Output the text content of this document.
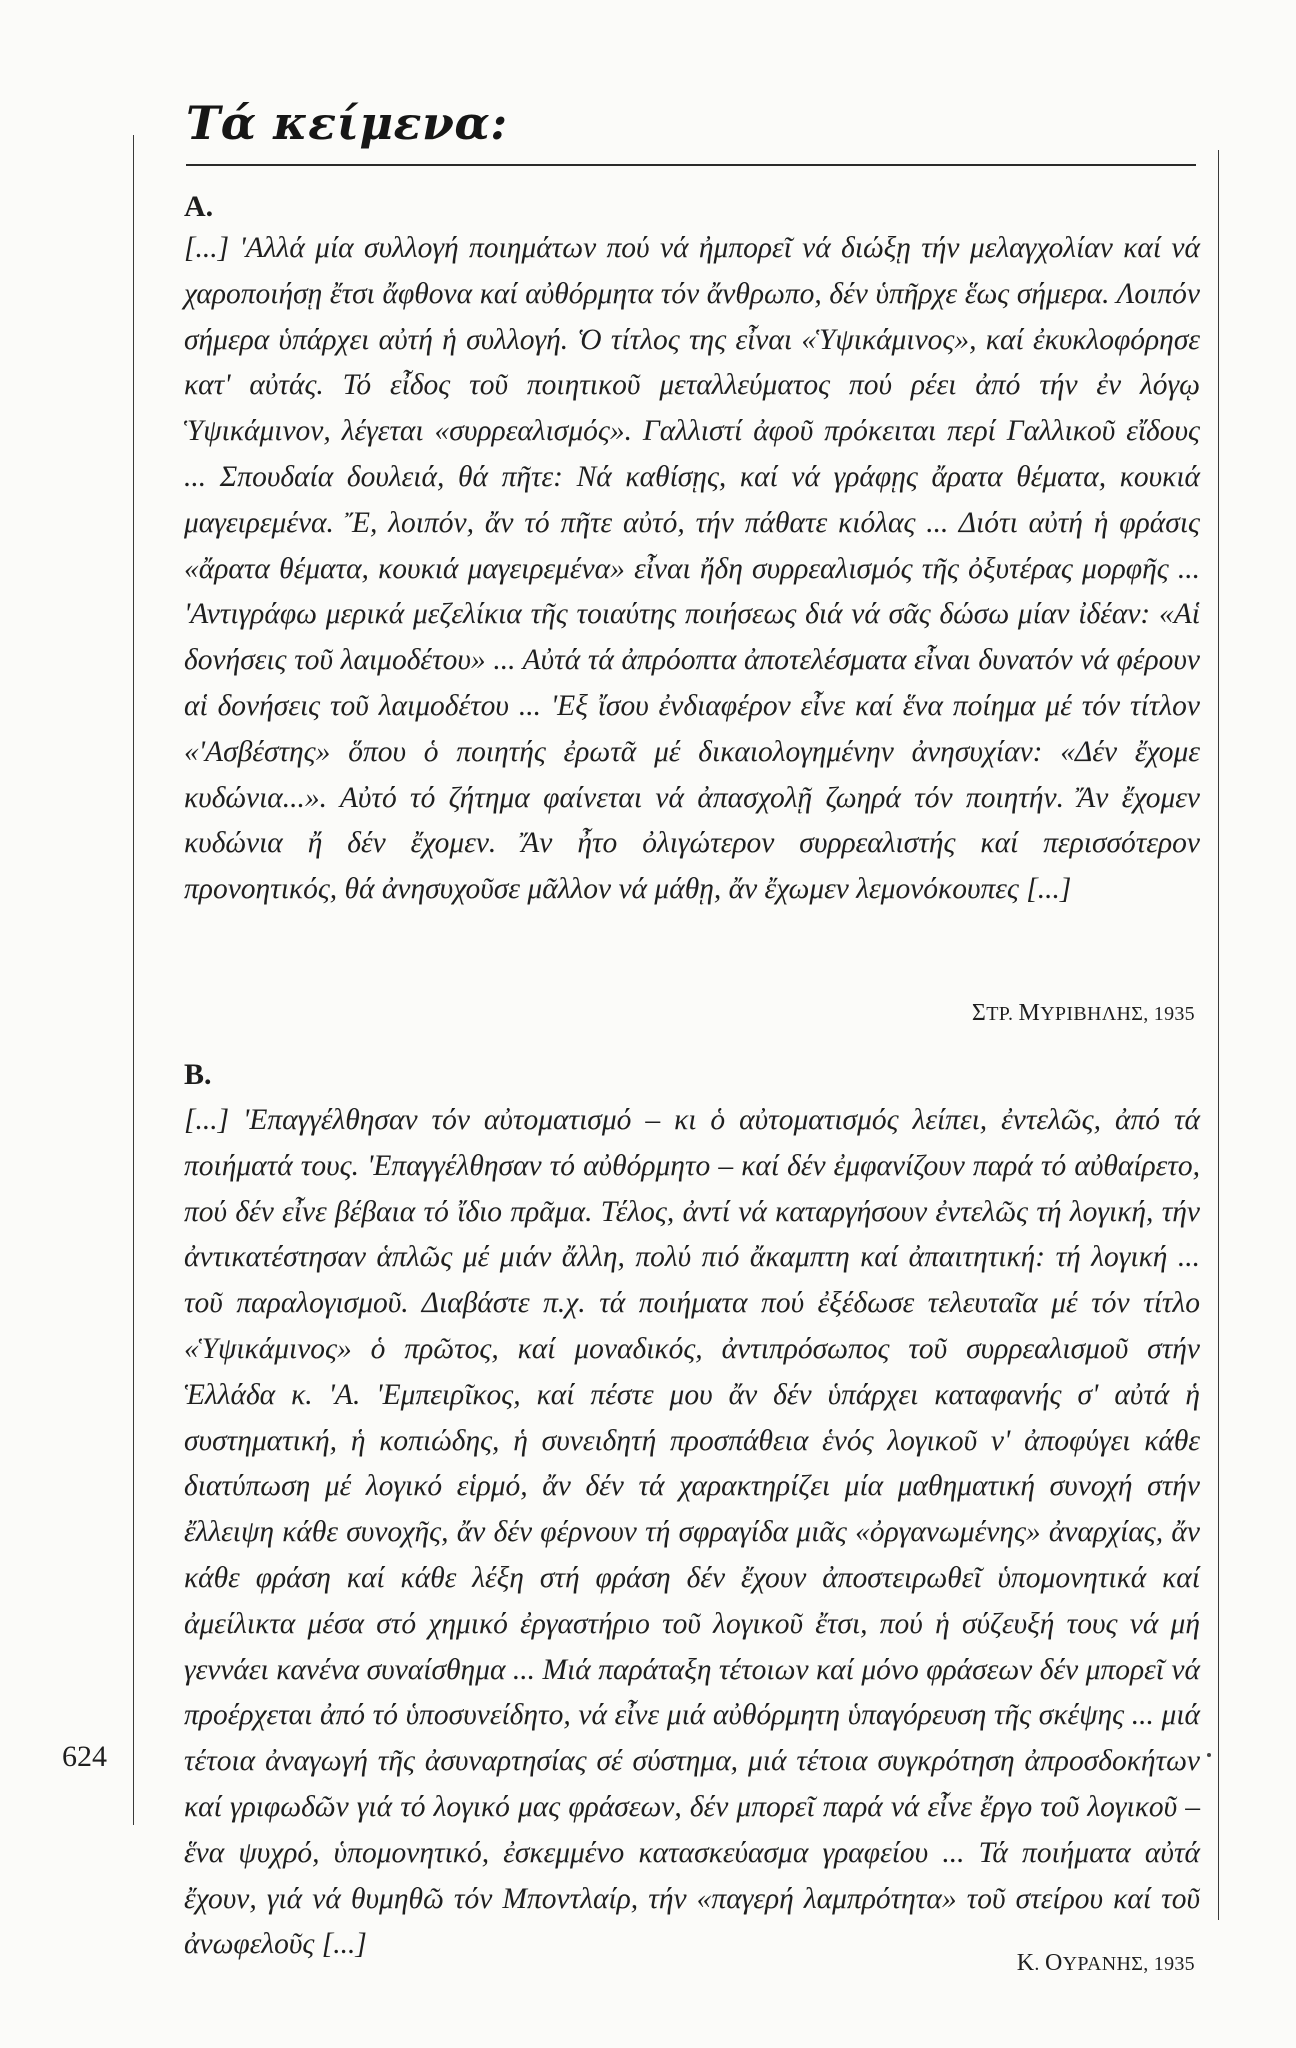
Τά κείμενα:

Α.

[...] 'Αλλά μία συλλογή ποιημάτων πού νά ἠμπορεῖ νά διώξῃ τήν μελαγχολίαν καί νά χαροποιήσῃ ἔτσι ἄφθονα καί αὐθόρμητα τόν ἄνθρωπο, δέν ὑπῆρχε ἕως σήμερα. Λοιπόν σήμερα ὑπάρχει αὐτή ἡ συλλογή. Ὁ τίτλος της εἶναι «Ὑψικάμινος», καί ἐκυκλοφόρησε κατ' αὐτάς. Τό εἶδος τοῦ ποιητικοῦ μεταλλεύματος πού ρέει ἀπό τήν ἐν λόγῳ Ὑψικάμινον, λέγεται «συρρεαλισμός». Γαλλιστί ἀφοῦ πρόκειται περί Γαλλικοῦ εἴδους ... Σπουδαία δουλειά, θά πῆτε: Νά καθίσῃς, καί νά γράφῃς ἄρατα θέματα, κουκιά μαγειρεμένα. Ἔ, λοιπόν, ἄν τό πῆτε αὐτό, τήν πάθατε κιόλας ... Διότι αὐτή ἡ φράσις «ἄρατα θέματα, κουκιά μαγειρεμένα» εἶναι ἤδη συρρεαλισμός τῆς ὀξυτέρας μορφῆς ... 'Αντιγράφω μερικά μεζελίκια τῆς τοιαύτης ποιήσεως διά νά σᾶς δώσω μίαν ἰδέαν: «Αἱ δονήσεις τοῦ λαιμοδέτου» ... Αὐτά τά ἀπρόοπτα ἀποτελέσματα εἶναι δυνατόν νά φέρουν αἱ δονήσεις τοῦ λαιμοδέτου ... 'Εξ ἴσου ἐνδιαφέρον εἶνε καί ἕνα ποίημα μέ τόν τίτλον «'Ασβέστης» ὅπου ὁ ποιητής ἐρωτᾶ μέ δικαιολογημένην ἀνησυχίαν: «Δέν ἔχομε κυδώνια...». Αὐτό τό ζήτημα φαίνεται νά ἀπασχολῇ ζωηρά τόν ποιητήν. Ἄν ἔχομεν κυδώνια ἤ δέν ἔχομεν. Ἄν ἦτο ὀλιγώτερον συρρεαλιστής καί περισσότερον προνοητικός, θά ἀνησυχοῦσε μᾶλλον νά μάθῃ, ἄν ἔχωμεν λεμονόκουπες [...]

ΣΤΡ. ΜΥΡΙΒΗΛΗΣ, 1935

Β.

[...] 'Επαγγέλθησαν τόν αὐτοματισμό – κι ὁ αὐτοματισμός λείπει, ἐντελῶς, ἀπό τά ποιήματά τους. 'Επαγγέλθησαν τό αὐθόρμητο – καί δέν ἐμφανίζουν παρά τό αὐθαίρετο, πού δέν εἶνε βέβαια τό ἴδιο πρᾶμα. Τέλος, ἀντί νά καταργήσουν ἐντελῶς τή λογική, τήν ἀντικατέστησαν ἁπλῶς μέ μιάν ἄλλη, πολύ πιό ἄκαμπτη καί ἀπαιτητική: τή λογική ... τοῦ παραλογισμοῦ. Διαβάστε π.χ. τά ποιήματα πού ἐξέδωσε τελευταῖα μέ τόν τίτλο «Ὑψικάμινος» ὁ πρῶτος, καί μοναδικός, ἀντιπρόσωπος τοῦ συρρεαλισμοῦ στήν Ἑλλάδα κ. 'Α. 'Εμπειρῖκος, καί πέστε μου ἄν δέν ὑπάρχει καταφανής σ' αὐτά ἡ συστηματική, ἡ κοπιώδης, ἡ συνειδητή προσπάθεια ἑνός λογικοῦ ν' ἀποφύγει κάθε διατύπωση μέ λογικό εἱρμό, ἄν δέν τά χαρακτηρίζει μία μαθηματική συνοχή στήν ἔλλειψη κάθε συνοχῆς, ἄν δέν φέρνουν τή σφραγίδα μιᾶς «ὀργανωμένης» ἀναρχίας, ἄν κάθε φράση καί κάθε λέξη στή φράση δέν ἔχουν ἀποστειρωθεῖ ὑπομονητικά καί ἀμείλικτα μέσα στό χημικό ἐργαστήριο τοῦ λογικοῦ ἔτσι, πού ἡ σύζευξή τους νά μή γεννάει κανένα συναίσθημα ... Μιά παράταξη τέτοιων καί μόνο φράσεων δέν μπορεῖ νά προέρχεται ἀπό τό ὑποσυνείδητο, νά εἶνε μιά αὐθόρμητη ὑπαγόρευση τῆς σκέψης ... μιά τέτοια ἀναγωγή τῆς ἀσυναρτησίας σέ σύστημα, μιά τέτοια συγκρότηση ἀπροσδοκήτων καί γριφωδῶν γιά τό λογικό μας φράσεων, δέν μπορεῖ παρά νά εἶνε ἔργο τοῦ λογικοῦ – ἕνα ψυχρό, ὑπομονητικό, ἐσκεμμένο κατασκεύασμα γραφείου ... Τά ποιήματα αὐτά ἔχουν, γιά νά θυμηθῶ τόν Μποντλαίρ, τήν «παγερή λαμπρότητα» τοῦ στείρου καί τοῦ ἀνωφελοῦς [...]

Κ. ΟΥΡΑΝΗΣ, 1935

624
